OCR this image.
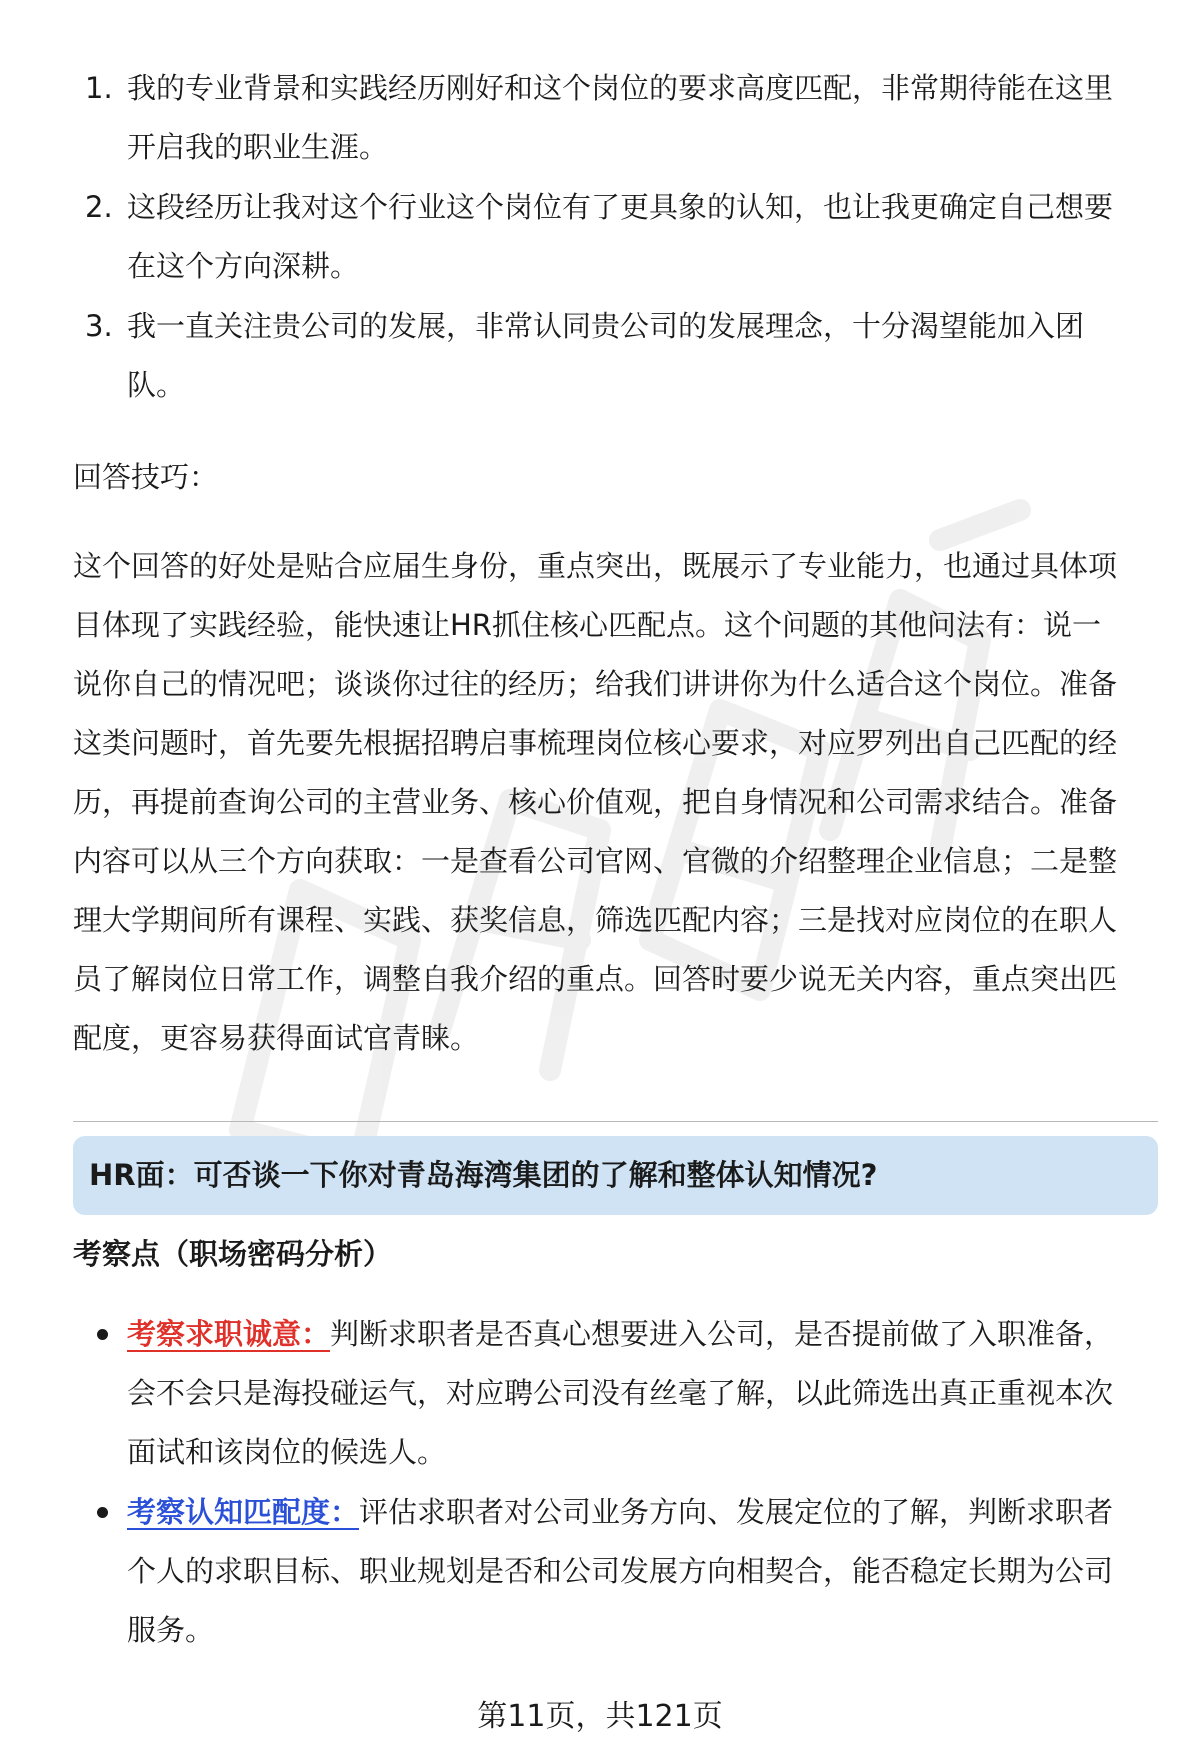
1. 我的专业背景和实践经历刚好和这个岗位的要求高度匹配，非常期待能在这里
开启我的职业生涯。
2. 这段经历让我对这个行业这个岗位有了更具象的认知，也让我更确定自己想要
在这个方向深耕。
3. 我一直关注贵公司的发展，非常认同贵公司的发展理念，十分渴望能加入团
队。
回答技巧：
这个回答的好处是贴合应届生身份，重点突出，既展示了专业能力，也通过具体项
目体现了实践经验，能快速让HR抓住核心匹配点。这个问题的其他问法有：说一
说你自己的情况吧；谈谈你过往的经历；给我们讲讲你为什么适合这个岗位。准备
这类问题时，首先要先根据招聘启事梳理岗位核心要求，对应罗列出自己匹配的经
历，再提前查询公司的主营业务、核心价值观，把自身情况和公司需求结合。准备
内容可以从三个方向获取：一是查看公司官网、官微的介绍整理企业信息；二是整
理大学期间所有课程、实践、获奖信息，筛选匹配内容；三是找对应岗位的在职人
员了解岗位日常工作，调整自我介绍的重点。回答时要少说无关内容，重点突出匹
配度，更容易获得面试官青睐。
HR面：可否谈一下你对青岛海湾集团的了解和整体认知情况?
考察点（职场密码分析）
考察求职诚意：判断求职者是否真心想要进入公司，是否提前做了入职准备，
会不会只是海投碰运气，对应聘公司没有丝毫了解，以此筛选出真正重视本次
面试和该岗位的候选人。
考察认知匹配度：评估求职者对公司业务方向、发展定位的了解，判断求职者
个人的求职目标、职业规划是否和公司发展方向相契合，能否稳定长期为公司
服务。
第11页，共121页
